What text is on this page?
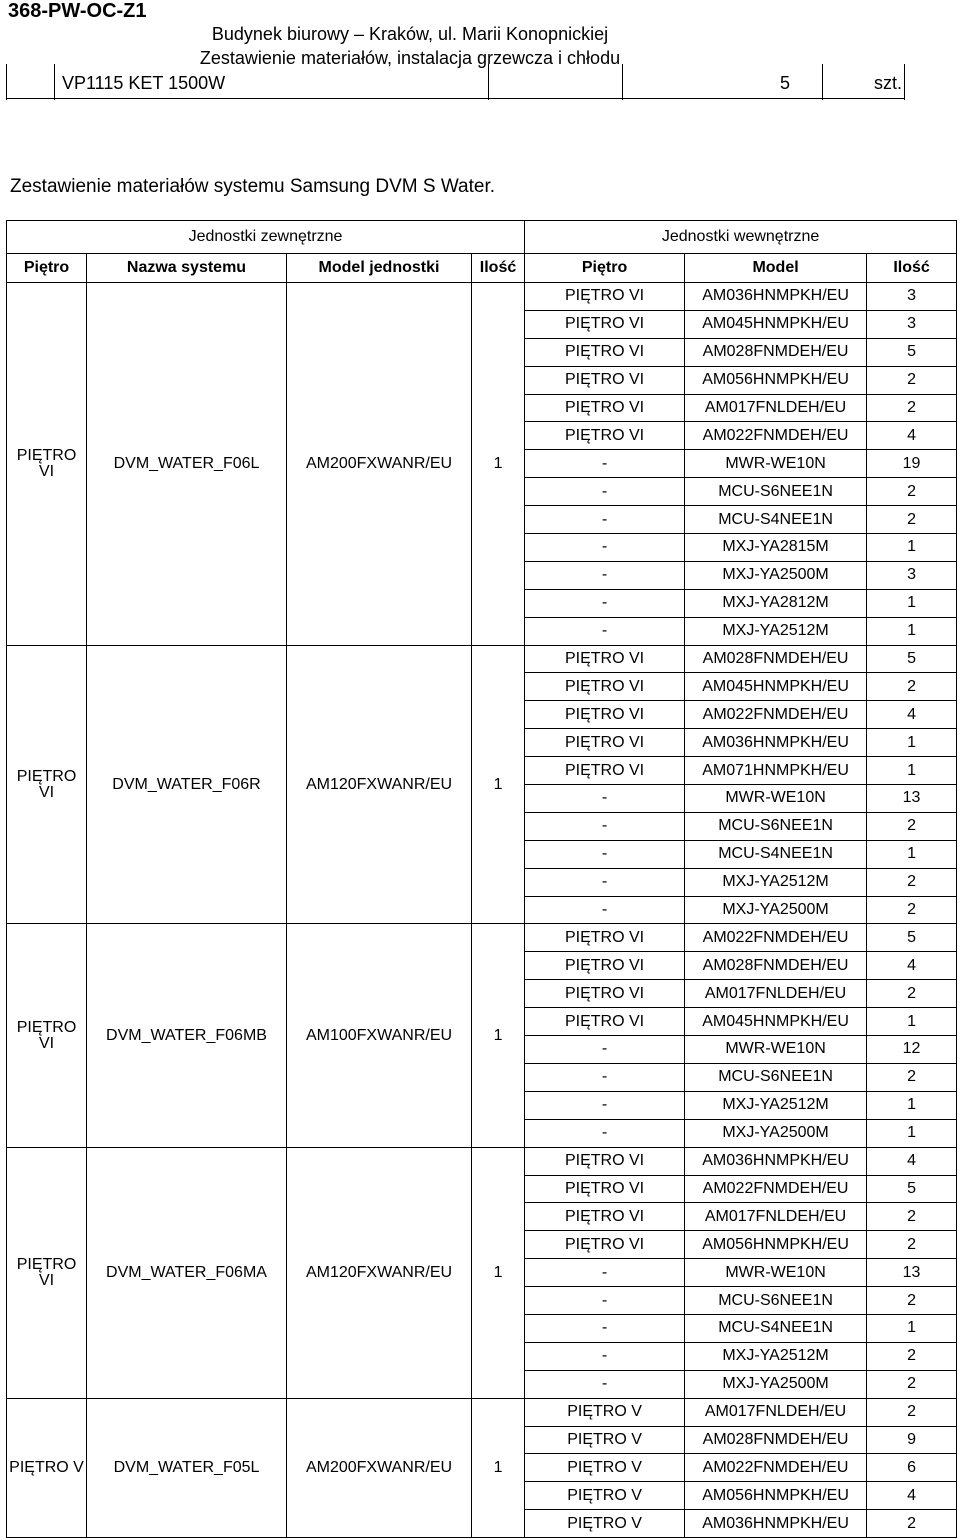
368-PW-OC-Z1
Budynek biurowy – Kraków, ul. Marii Konopnickiej
Zestawienie materiałów, instalacja grzewcza i chłodu
VP1115 KET 1500W	5	szt.
Zestawienie materiałów systemu Samsung DVM S Water.
Jednostki zewnętrzne				Jednostki wewnętrzne		
Piętro	Nazwa systemu	Model jednostki	Ilość	Piętro	Model	Ilość
PIĘTRO VI	DVM_WATER_F06L	AM200FXWANR/EU	1	PIĘTRO VI	AM036HNMPKH/EU	3
				PIĘTRO VI	AM045HNMPKH/EU	3
				PIĘTRO VI	AM028FNMDEH/EU	5
				PIĘTRO VI	AM056HNMPKH/EU	2
				PIĘTRO VI	AM017FNLDEH/EU	2
				PIĘTRO VI	AM022FNMDEH/EU	4
				-	MWR-WE10N	19
				-	MCU-S6NEE1N	2
				-	MCU-S4NEE1N	2
				-	MXJ-YA2815M	1
				-	MXJ-YA2500M	3
				-	MXJ-YA2812M	1
				-	MXJ-YA2512M	1
PIĘTRO VI	DVM_WATER_F06R	AM120FXWANR/EU	1	PIĘTRO VI	AM028FNMDEH/EU	5
				PIĘTRO VI	AM045HNMPKH/EU	2
				PIĘTRO VI	AM022FNMDEH/EU	4
				PIĘTRO VI	AM036HNMPKH/EU	1
				PIĘTRO VI	AM071HNMPKH/EU	1
				-	MWR-WE10N	13
				-	MCU-S6NEE1N	2
				-	MCU-S4NEE1N	1
				-	MXJ-YA2512M	2
				-	MXJ-YA2500M	2
PIĘTRO VI	DVM_WATER_F06MB	AM100FXWANR/EU	1	PIĘTRO VI	AM022FNMDEH/EU	5
				PIĘTRO VI	AM028FNMDEH/EU	4
				PIĘTRO VI	AM017FNLDEH/EU	2
				PIĘTRO VI	AM045HNMPKH/EU	1
				-	MWR-WE10N	12
				-	MCU-S6NEE1N	2
				-	MXJ-YA2512M	1
				-	MXJ-YA2500M	1
PIĘTRO VI	DVM_WATER_F06MA	AM120FXWANR/EU	1	PIĘTRO VI	AM036HNMPKH/EU	4
				PIĘTRO VI	AM022FNMDEH/EU	5
				PIĘTRO VI	AM017FNLDEH/EU	2
				PIĘTRO VI	AM056HNMPKH/EU	2
				-	MWR-WE10N	13
				-	MCU-S6NEE1N	2
				-	MCU-S4NEE1N	1
				-	MXJ-YA2512M	2
				-	MXJ-YA2500M	2
PIĘTRO V	DVM_WATER_F05L	AM200FXWANR/EU	1	PIĘTRO V	AM017FNLDEH/EU	2
				PIĘTRO V	AM028FNMDEH/EU	9
				PIĘTRO V	AM022FNMDEH/EU	6
				PIĘTRO V	AM056HNMPKH/EU	4
				PIĘTRO V	AM036HNMPKH/EU	2
